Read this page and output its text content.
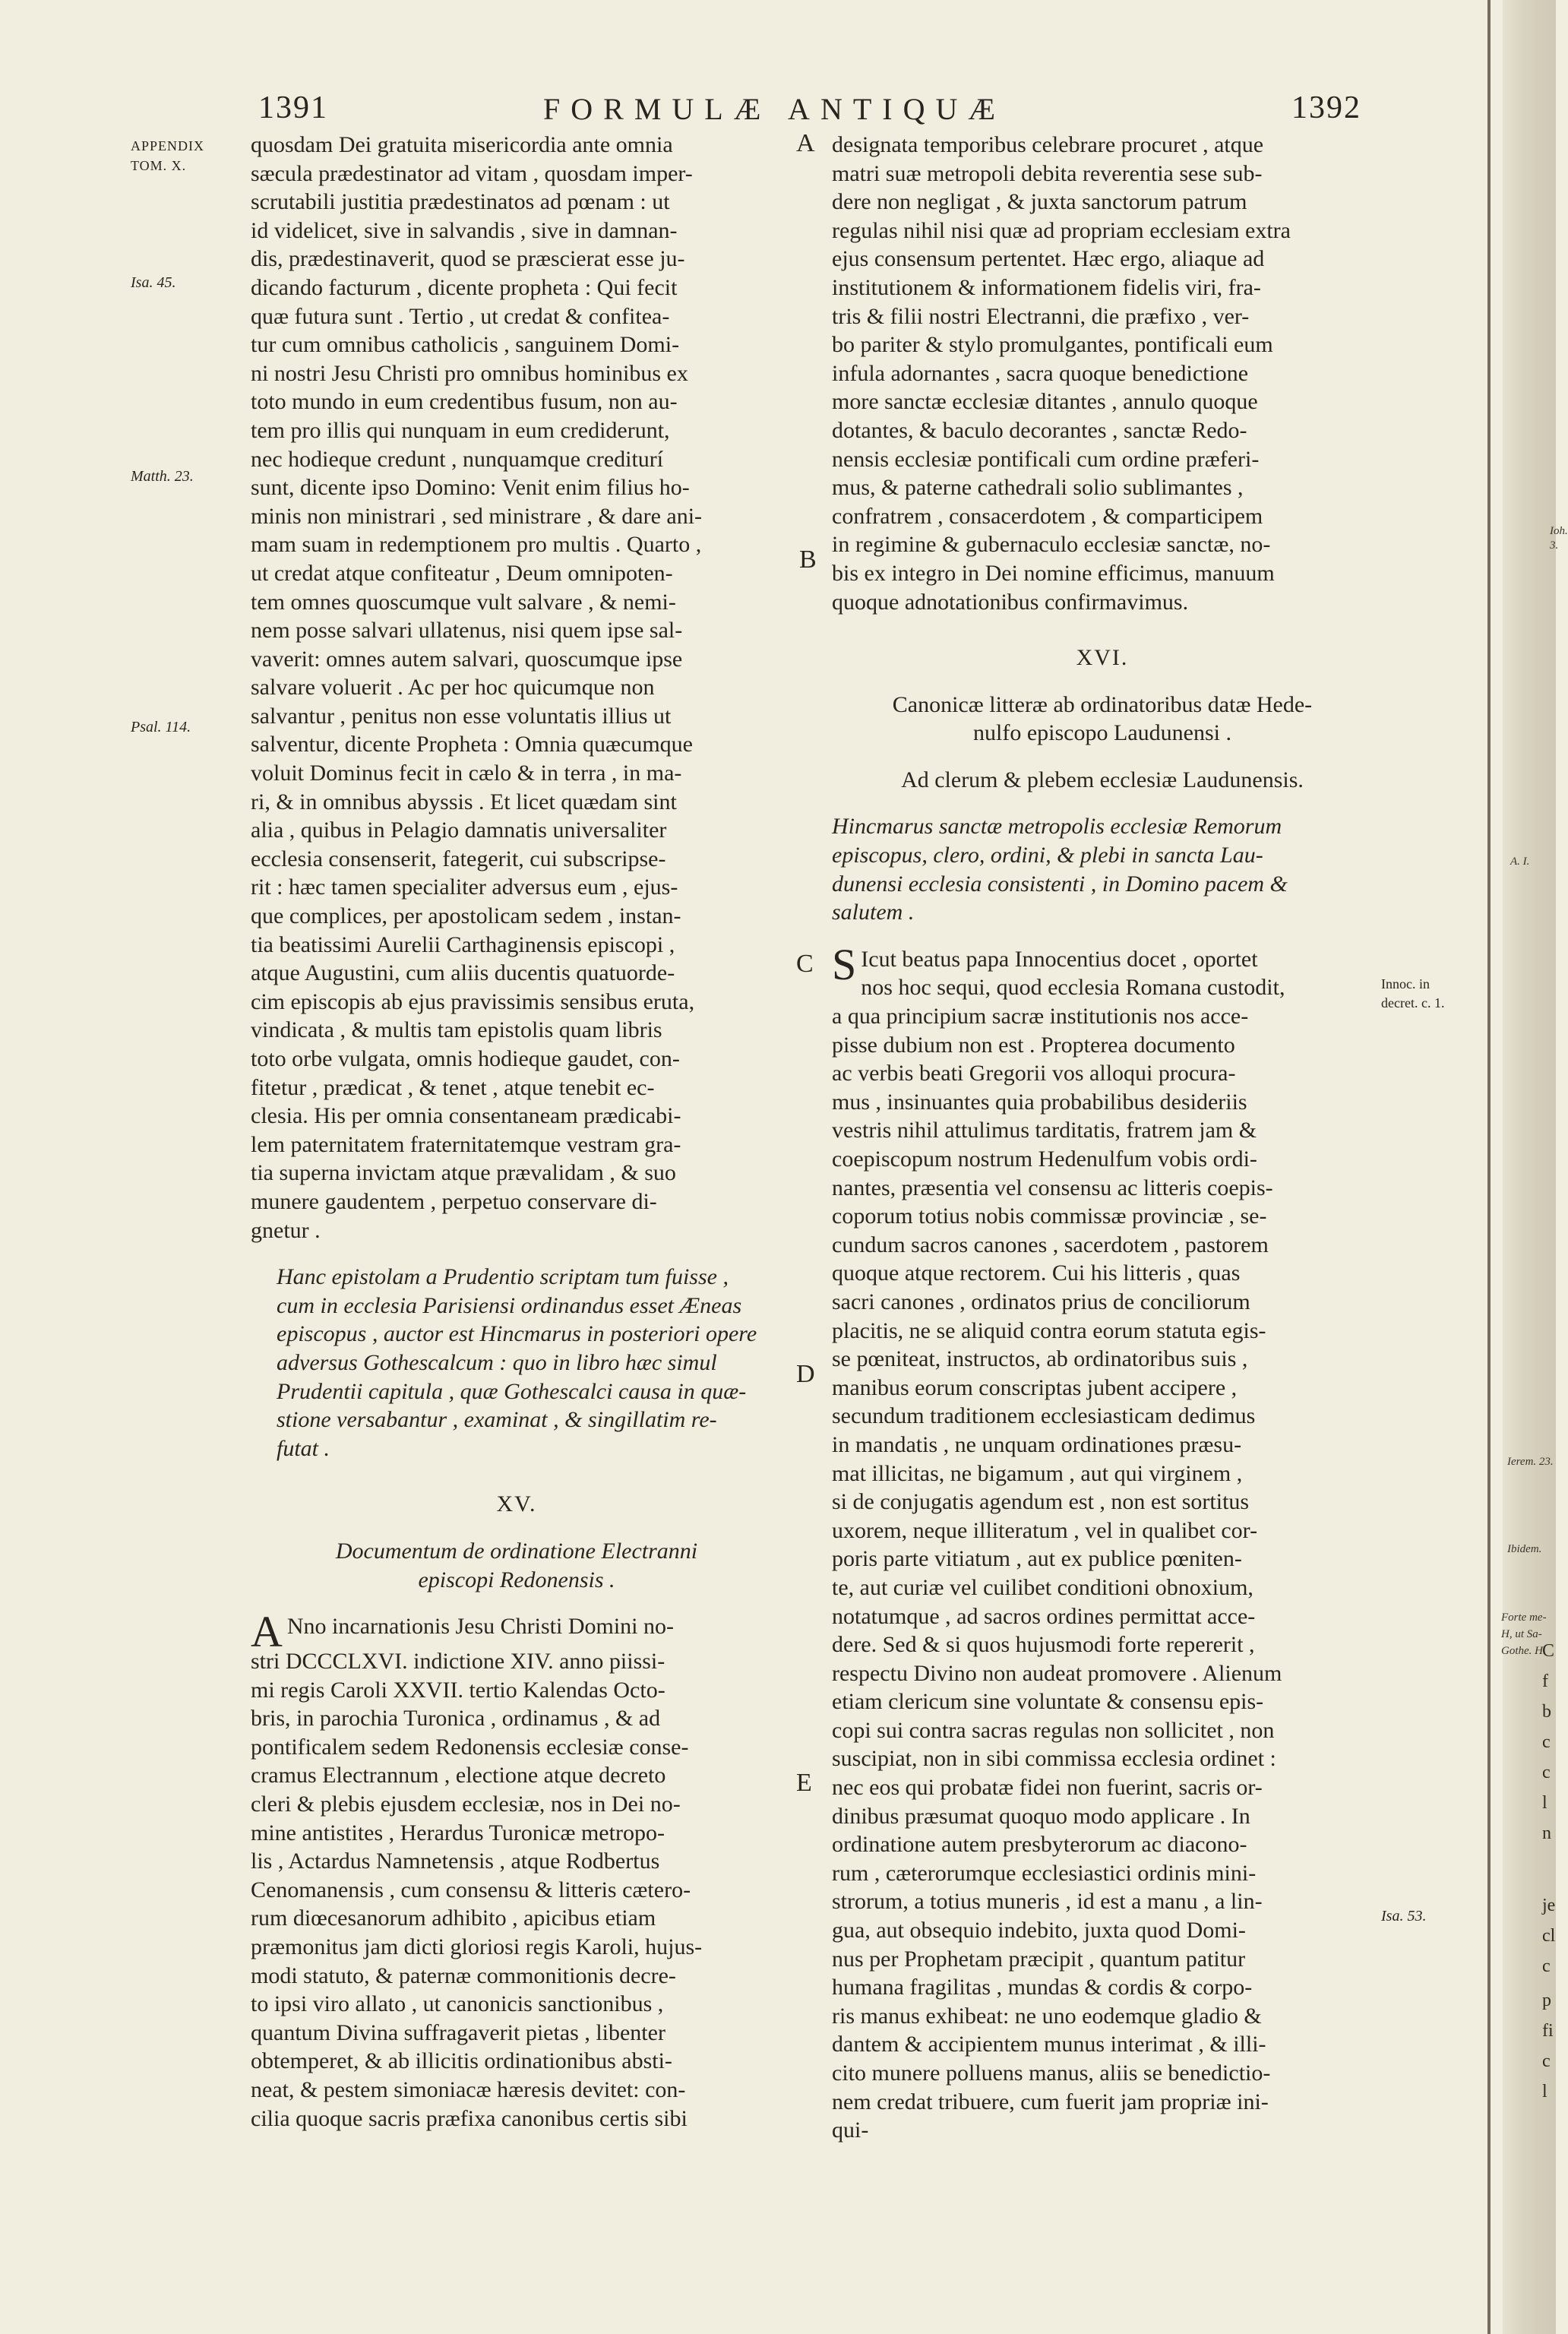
Ioh. 3.
A. I.
Ierem. 23.
Ibidem.
Forte me-
H, ut Sa-
Gothe. H.
C
f
b
c
c
l
n
je
cl
c
p
fi
c
l
1391	FORMULÆ ANTIQUÆ	1392
APPENDIX
TOM. X.
Isa. 45.
Matth. 23.
Psal. 114.
Innoc. in
decret. c. 1.
Isa. 53.
A
B
C
D
E
quosdam Dei gratuita misericordia ante omnia
sæcula prædestinator ad vitam , quosdam imper-
scrutabili justitia prædestinatos ad pœnam : ut
id videlicet, sive in salvandis , sive in damnan-
dis, prædestinaverit, quod se præscierat esse ju-
dicando facturum , dicente propheta : Qui fecit
quæ futura sunt . Tertio , ut credat & confitea-
tur cum omnibus catholicis , sanguinem Domi-
ni nostri Jesu Christi pro omnibus hominibus ex
toto mundo in eum credentibus fusum, non au-
tem pro illis qui nunquam in eum crediderunt,
nec hodieque credunt , nunquamque crediturí
sunt, dicente ipso Domino: Venit enim filius ho-
minis non ministrari , sed ministrare , & dare ani-
mam suam in redemptionem pro multis . Quarto ,
ut credat atque confiteatur , Deum omnipoten-
tem omnes quoscumque vult salvare , & nemi-
nem posse salvari ullatenus, nisi quem ipse sal-
vaverit: omnes autem salvari, quoscumque ipse
salvare voluerit . Ac per hoc quicumque non
salvantur , penitus non esse voluntatis illius ut
salventur, dicente Propheta : Omnia quæcumque
voluit Dominus fecit in cælo & in terra , in ma-
ri, & in omnibus abyssis . Et licet quædam sint
alia , quibus in Pelagio damnatis universaliter
ecclesia consenserit, fategerit, cui subscripse-
rit : hæc tamen specialiter adversus eum , ejus-
que complices, per apostolicam sedem , instan-
tia beatissimi Aurelii Carthaginensis episcopi ,
atque Augustini, cum aliis ducentis quatuorde-
cim episcopis ab ejus pravissimis sensibus eruta,
vindicata , & multis tam epistolis quam libris
toto orbe vulgata, omnis hodieque gaudet, con-
fitetur , prædicat , & tenet , atque tenebit ec-
clesia. His per omnia consentaneam prædicabi-
lem paternitatem fraternitatemque vestram gra-
tia superna invictam atque prævalidam , & suo
munere gaudentem , perpetuo conservare di-
gnetur .
Hanc epistolam a Prudentio scriptam tum fuisse ,
cum in ecclesia Parisiensi ordinandus esset Æneas
episcopus , auctor est Hincmarus in posteriori opere
adversus Gothescalcum : quo in libro hæc simul
Prudentii capitula , quæ Gothescalci causa in quæ-
stione versabantur , examinat , & singillatim re-
futat .
XV.
Documentum de ordinatione Electranni
episcopi Redonensis .
A Nno incarnationis Jesu Christi Domini no-
stri DCCCLXVI. indictione XIV. anno piissi-
mi regis Caroli XXVII. tertio Kalendas Octo-
bris, in parochia Turonica , ordinamus , & ad
pontificalem sedem Redonensis ecclesiæ conse-
cramus Electrannum , electione atque decreto
cleri & plebis ejusdem ecclesiæ, nos in Dei no-
mine antistites , Herardus Turonicæ metropo-
lis , Actardus Namnetensis , atque Rodbertus
Cenomanensis , cum consensu & litteris cætero-
rum diœcesanorum adhibito , apicibus etiam
præmonitus jam dicti gloriosi regis Karoli, hujus-
modi statuto, & paternæ commonitionis decre-
to ipsi viro allato , ut canonicis sanctionibus ,
quantum Divina suffragaverit pietas , libenter
obtemperet, & ab illicitis ordinationibus absti-
neat, & pestem simoniacæ hæresis devitet: con-
cilia quoque sacris præfixa canonibus certis sibi
designata temporibus celebrare procuret , atque
matri suæ metropoli debita reverentia sese sub-
dere non negligat , & juxta sanctorum patrum
regulas nihil nisi quæ ad propriam ecclesiam extra
ejus consensum pertentet. Hæc ergo, aliaque ad
institutionem & informationem fidelis viri, fra-
tris & filii nostri Electranni, die præfixo , ver-
bo pariter & stylo promulgantes, pontificali eum
infula adornantes , sacra quoque benedictione
more sanctæ ecclesiæ ditantes , annulo quoque
dotantes, & baculo decorantes , sanctæ Redo-
nensis ecclesiæ pontificali cum ordine præferi-
mus, & paterne cathedrali solio sublimantes ,
confratrem , consacerdotem , & comparticipem
in regimine & gubernaculo ecclesiæ sanctæ, no-
bis ex integro in Dei nomine efficimus, manuum
quoque adnotationibus confirmavimus.
XVI.
Canonicæ litteræ ab ordinatoribus datæ Hede-
nulfo episcopo Laudunensi .
Ad clerum & plebem ecclesiæ Laudunensis.
Hincmarus sanctæ metropolis ecclesiæ Remorum
episcopus, clero, ordini, & plebi in sancta Lau-
dunensi ecclesia consistenti , in Domino pacem &
salutem .
S Icut beatus papa Innocentius docet , oportet
nos hoc sequi, quod ecclesia Romana custodit,
a qua principium sacræ institutionis nos acce-
pisse dubium non est . Propterea documento
ac verbis beati Gregorii vos alloqui procura-
mus , insinuantes quia probabilibus desideriis
vestris nihil attulimus tarditatis, fratrem jam &
coepiscopum nostrum Hedenulfum vobis ordi-
nantes, præsentia vel consensu ac litteris coepis-
coporum totius nobis commissæ provinciæ , se-
cundum sacros canones , sacerdotem , pastorem
quoque atque rectorem. Cui his litteris , quas
sacri canones , ordinatos prius de conciliorum
placitis, ne se aliquid contra eorum statuta egis-
se pœniteat, instructos, ab ordinatoribus suis ,
manibus eorum conscriptas jubent accipere ,
secundum traditionem ecclesiasticam dedimus
in mandatis , ne unquam ordinationes præsu-
mat illicitas, ne bigamum , aut qui virginem ,
si de conjugatis agendum est , non est sortitus
uxorem, neque illiteratum , vel in qualibet cor-
poris parte vitiatum , aut ex publice pœniten-
te, aut curiæ vel cuilibet conditioni obnoxium,
notatumque , ad sacros ordines permittat acce-
dere. Sed & si quos hujusmodi forte repererit ,
respectu Divino non audeat promovere . Alienum
etiam clericum sine voluntate & consensu epis-
copi sui contra sacras regulas non sollicitet , non
suscipiat, non in sibi commissa ecclesia ordinet :
nec eos qui probatæ fidei non fuerint, sacris or-
dinibus præsumat quoquo modo applicare . In
ordinatione autem presbyterorum ac diacono-
rum , cæterorumque ecclesiastici ordinis mini-
strorum, a totius muneris , id est a manu , a lin-
gua, aut obsequio indebito, juxta quod Domi-
nus per Prophetam præcipit , quantum patitur
humana fragilitas , mundas & cordis & corpo-
ris manus exhibeat: ne uno eodemque gladio &
dantem & accipientem munus interimat , & illi-
cito munere polluens manus, aliis se benedictio-
nem credat tribuere, cum fuerit jam propriæ ini-
qui-
